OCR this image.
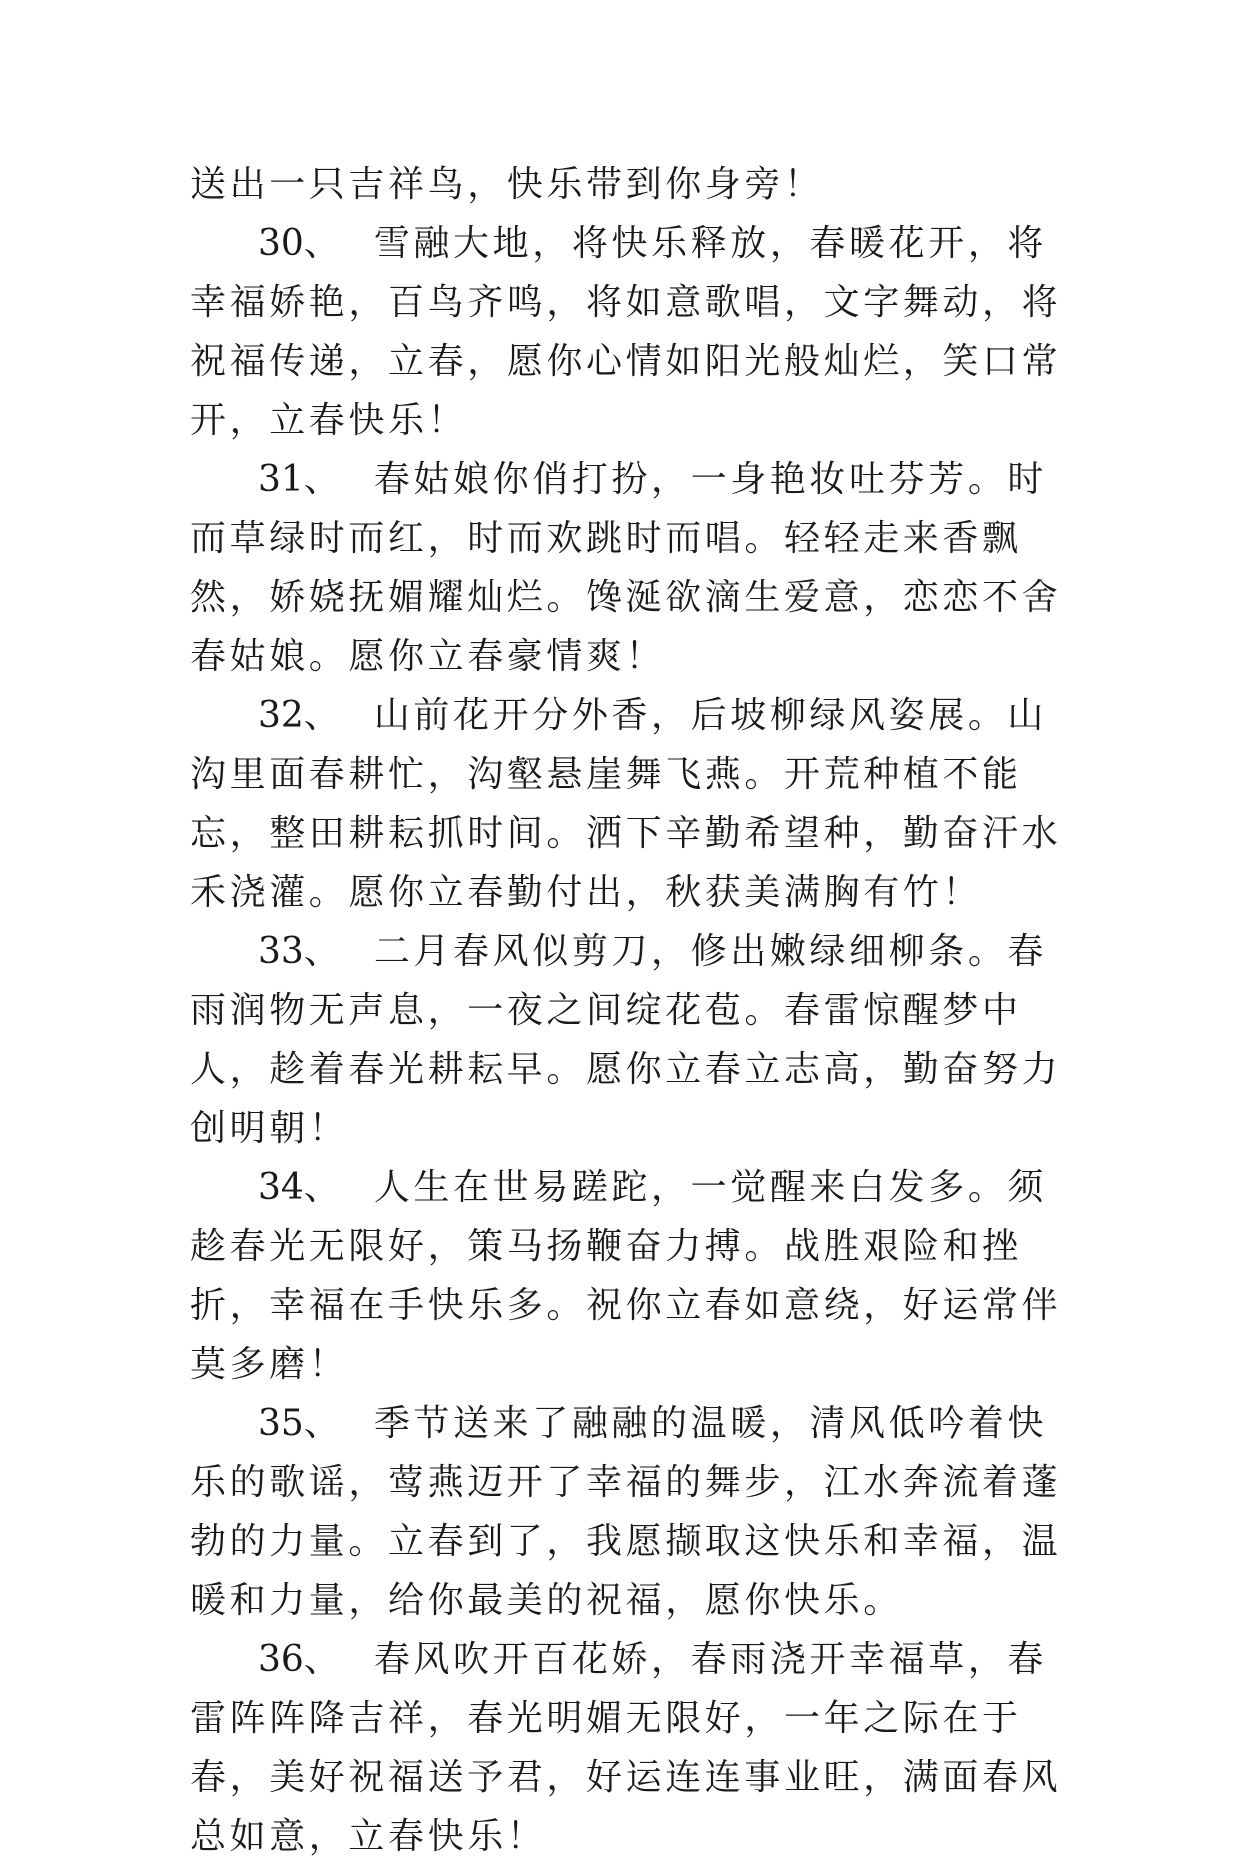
送出一只吉祥鸟，快乐带到你身旁！

30、 雪融大地，将快乐释放，春暖花开，将幸福娇艳，百鸟齐鸣，将如意歌唱，文字舞动，将祝福传递，立春，愿你心情如阳光般灿烂，笑口常开，立春快乐！

31、 春姑娘你俏打扮，一身艳妆吐芬芳。时而草绿时而红，时而欢跳时而唱。轻轻走来香飘然，娇娆抚媚耀灿烂。馋涎欲滴生爱意，恋恋不舍春姑娘。愿你立春豪情爽！

32、 山前花开分外香，后坡柳绿风姿展。山沟里面春耕忙，沟壑悬崖舞飞燕。开荒种植不能忘，整田耕耘抓时间。洒下辛勤希望种，勤奋汗水禾浇灌。愿你立春勤付出，秋获美满胸有竹！

33、 二月春风似剪刀，修出嫩绿细柳条。春雨润物无声息，一夜之间绽花苞。春雷惊醒梦中人，趁着春光耕耘早。愿你立春立志高，勤奋努力创明朝！

34、 人生在世易蹉跎，一觉醒来白发多。须趁春光无限好，策马扬鞭奋力搏。战胜艰险和挫折，幸福在手快乐多。祝你立春如意绕，好运常伴莫多磨！

35、 季节送来了融融的温暖，清风低吟着快乐的歌谣，莺燕迈开了幸福的舞步，江水奔流着蓬勃的力量。立春到了，我愿撷取这快乐和幸福，温暖和力量，给你最美的祝福，愿你快乐。

36、 春风吹开百花娇，春雨浇开幸福草，春雷阵阵降吉祥，春光明媚无限好，一年之际在于春，美好祝福送予君，好运连连事业旺，满面春风总如意，立春快乐！
